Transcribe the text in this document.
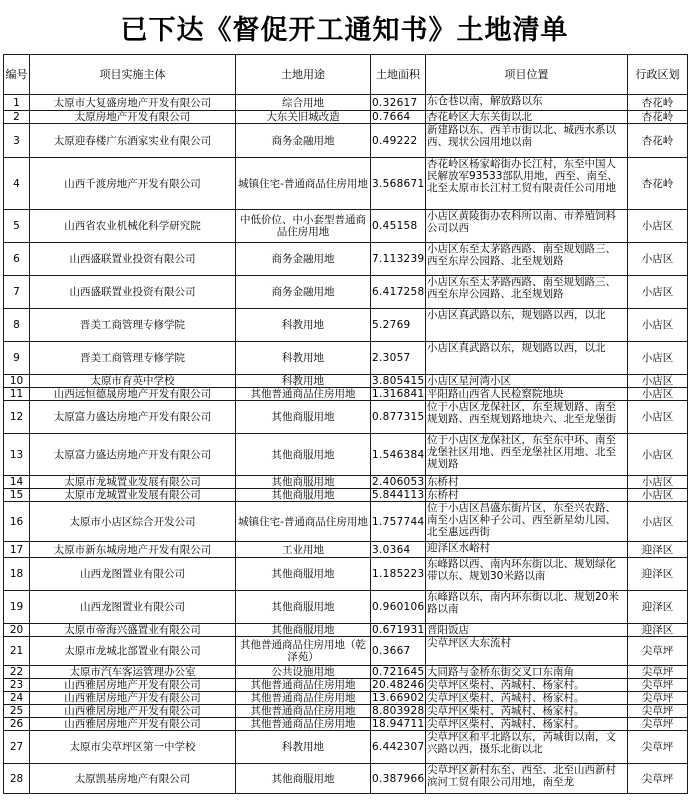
已下达《督促开工通知书》土地清单
编号	项目实施主体	土地用途	土地面积	项目位置	行政区划
1	太原市大复盛房地产开发有限公司	综合用地	0.32617	东仓巷以南，解放路以东	杏花岭
2	太原房地产开发有限公司	大东关旧城改造	0.7664	杏花岭区大东关街以北	杏花岭
3	太原迎春楼广东酒家实业有限公司	商务金融用地	0.49222	新建路以东、西羊市街以北、城西水系以西、现状公园用地以南	杏花岭
4	山西千渡房地产开发有限公司	城镇住宅-普通商品住房用地	3.568671	杏花岭区杨家峪街办长江村，东至中国人民解放军93533部队用地，西至、南至、北至太原市长江村工贸有限责任公司用地	杏花岭
5	山西省农业机械化科学研究院	中低价位、中小套型普通商品住房用地	0.45158	小店区黄陵街办农科所以南、市养殖饲料公司以西	小店区
6	山西盛联置业投资有限公司	商务金融用地	7.113239	小店区东至太茅路西路、南至规划路三、西至东岸公园路、北至规划路	小店区
7	山西盛联置业投资有限公司	商务金融用地	6.417258	小店区东至太茅路西路、南至规划路三、西至东岸公园路、北至规划路	小店区
8	晋美工商管理专修学院	科教用地	5.2769	小店区真武路以东，规划路以西，以北	小店区
9	晋美工商管理专修学院	科教用地	2.3057	小店区真武路以东，规划路以西，以北	小店区
10	太原市育英中学校	科教用地	3.805415	小店区星河湾小区	小店区
11	山西远恒德晟房地产开发有限公司	其他普通商品住房用地	1.316841	平阳路山西省人民检察院地块	小店区
12	太原富力盛达房地产开发有限公司	其他商服用地	0.877315	位于小店区龙保社区，东至规划路、南至规划路、西至规划路地块六、北至龙堡街	小店区
13	太原富力盛达房地产开发有限公司	其他商服用地	1.546384	位于小店区龙保社区，东至东中环、南至龙堡社区用地、西至龙堡社区用地、北至规划路	小店区
14	太原市龙城置业发展有限公司	其他商服用地	2.406053	东桥村	小店区
15	太原市龙城置业发展有限公司	其他商服用地	5.844113	东桥村	小店区
16	太原市小店区综合开发公司	城镇住宅-普通商品住房用地	1.757744	位于小店区昌盛东街片区，东至兴农路、南至小店区种子公司、西至新星幼儿园、北至惠远西街	小店区
17	太原市新东城房地产开发有限公司	工业用地	3.0364	迎泽区水峪村	迎泽区
18	山西龙图置业有限公司	其他商服用地	1.185223	东峰路以西、南内环东街以北、规划绿化带以东、规划30米路以南	迎泽区
19	山西龙图置业有限公司	其他商服用地	0.960106	东峰路以东，南内环东街以北、规划20米路以南	迎泽区
20	太原市帝海兴盛置业有限公司	其他商服用地	0.671931	晋阳饭店	迎泽区
21	太原市龙城北部置业有限公司	其他普通商品住房用地（乾泽苑）	0.3667	尖草坪区大东流村	尖草坪
22	太原市汽车客运管理办公室	公共设施用地	0.721645	大同路与金桥东街交叉口东南角	尖草坪
23	山西雅居房地产开发有限公司	其他普通商品住房用地	20.48246	尖草坪区柴村、芮城村、杨家村。	尖草坪
24	山西雅居房地产开发有限公司	其他普通商品住房用地	13.66902	尖草坪区柴村、芮城村、杨家村。	尖草坪
25	山西雅居房地产开发有限公司	其他普通商品住房用地	8.803928	尖草坪区柴村、芮城村、杨家村。	尖草坪
26	山西雅居房地产开发有限公司	其他普通商品住房用地	18.94711	尖草坪区柴村、芮城村、杨家村。	尖草坪
27	太原市尖草坪区第一中学校	科教用地	6.442307	尖草坪区和平北路以东，芮城街以南，文兴路以西，摄乐北街以北	尖草坪
28	太原凯基房地产有限公司	其他商服用地	0.387966	尖草坪区新村东至、西至、北至山西新村滨河工贸有限公司用地，南至龙	尖草坪
